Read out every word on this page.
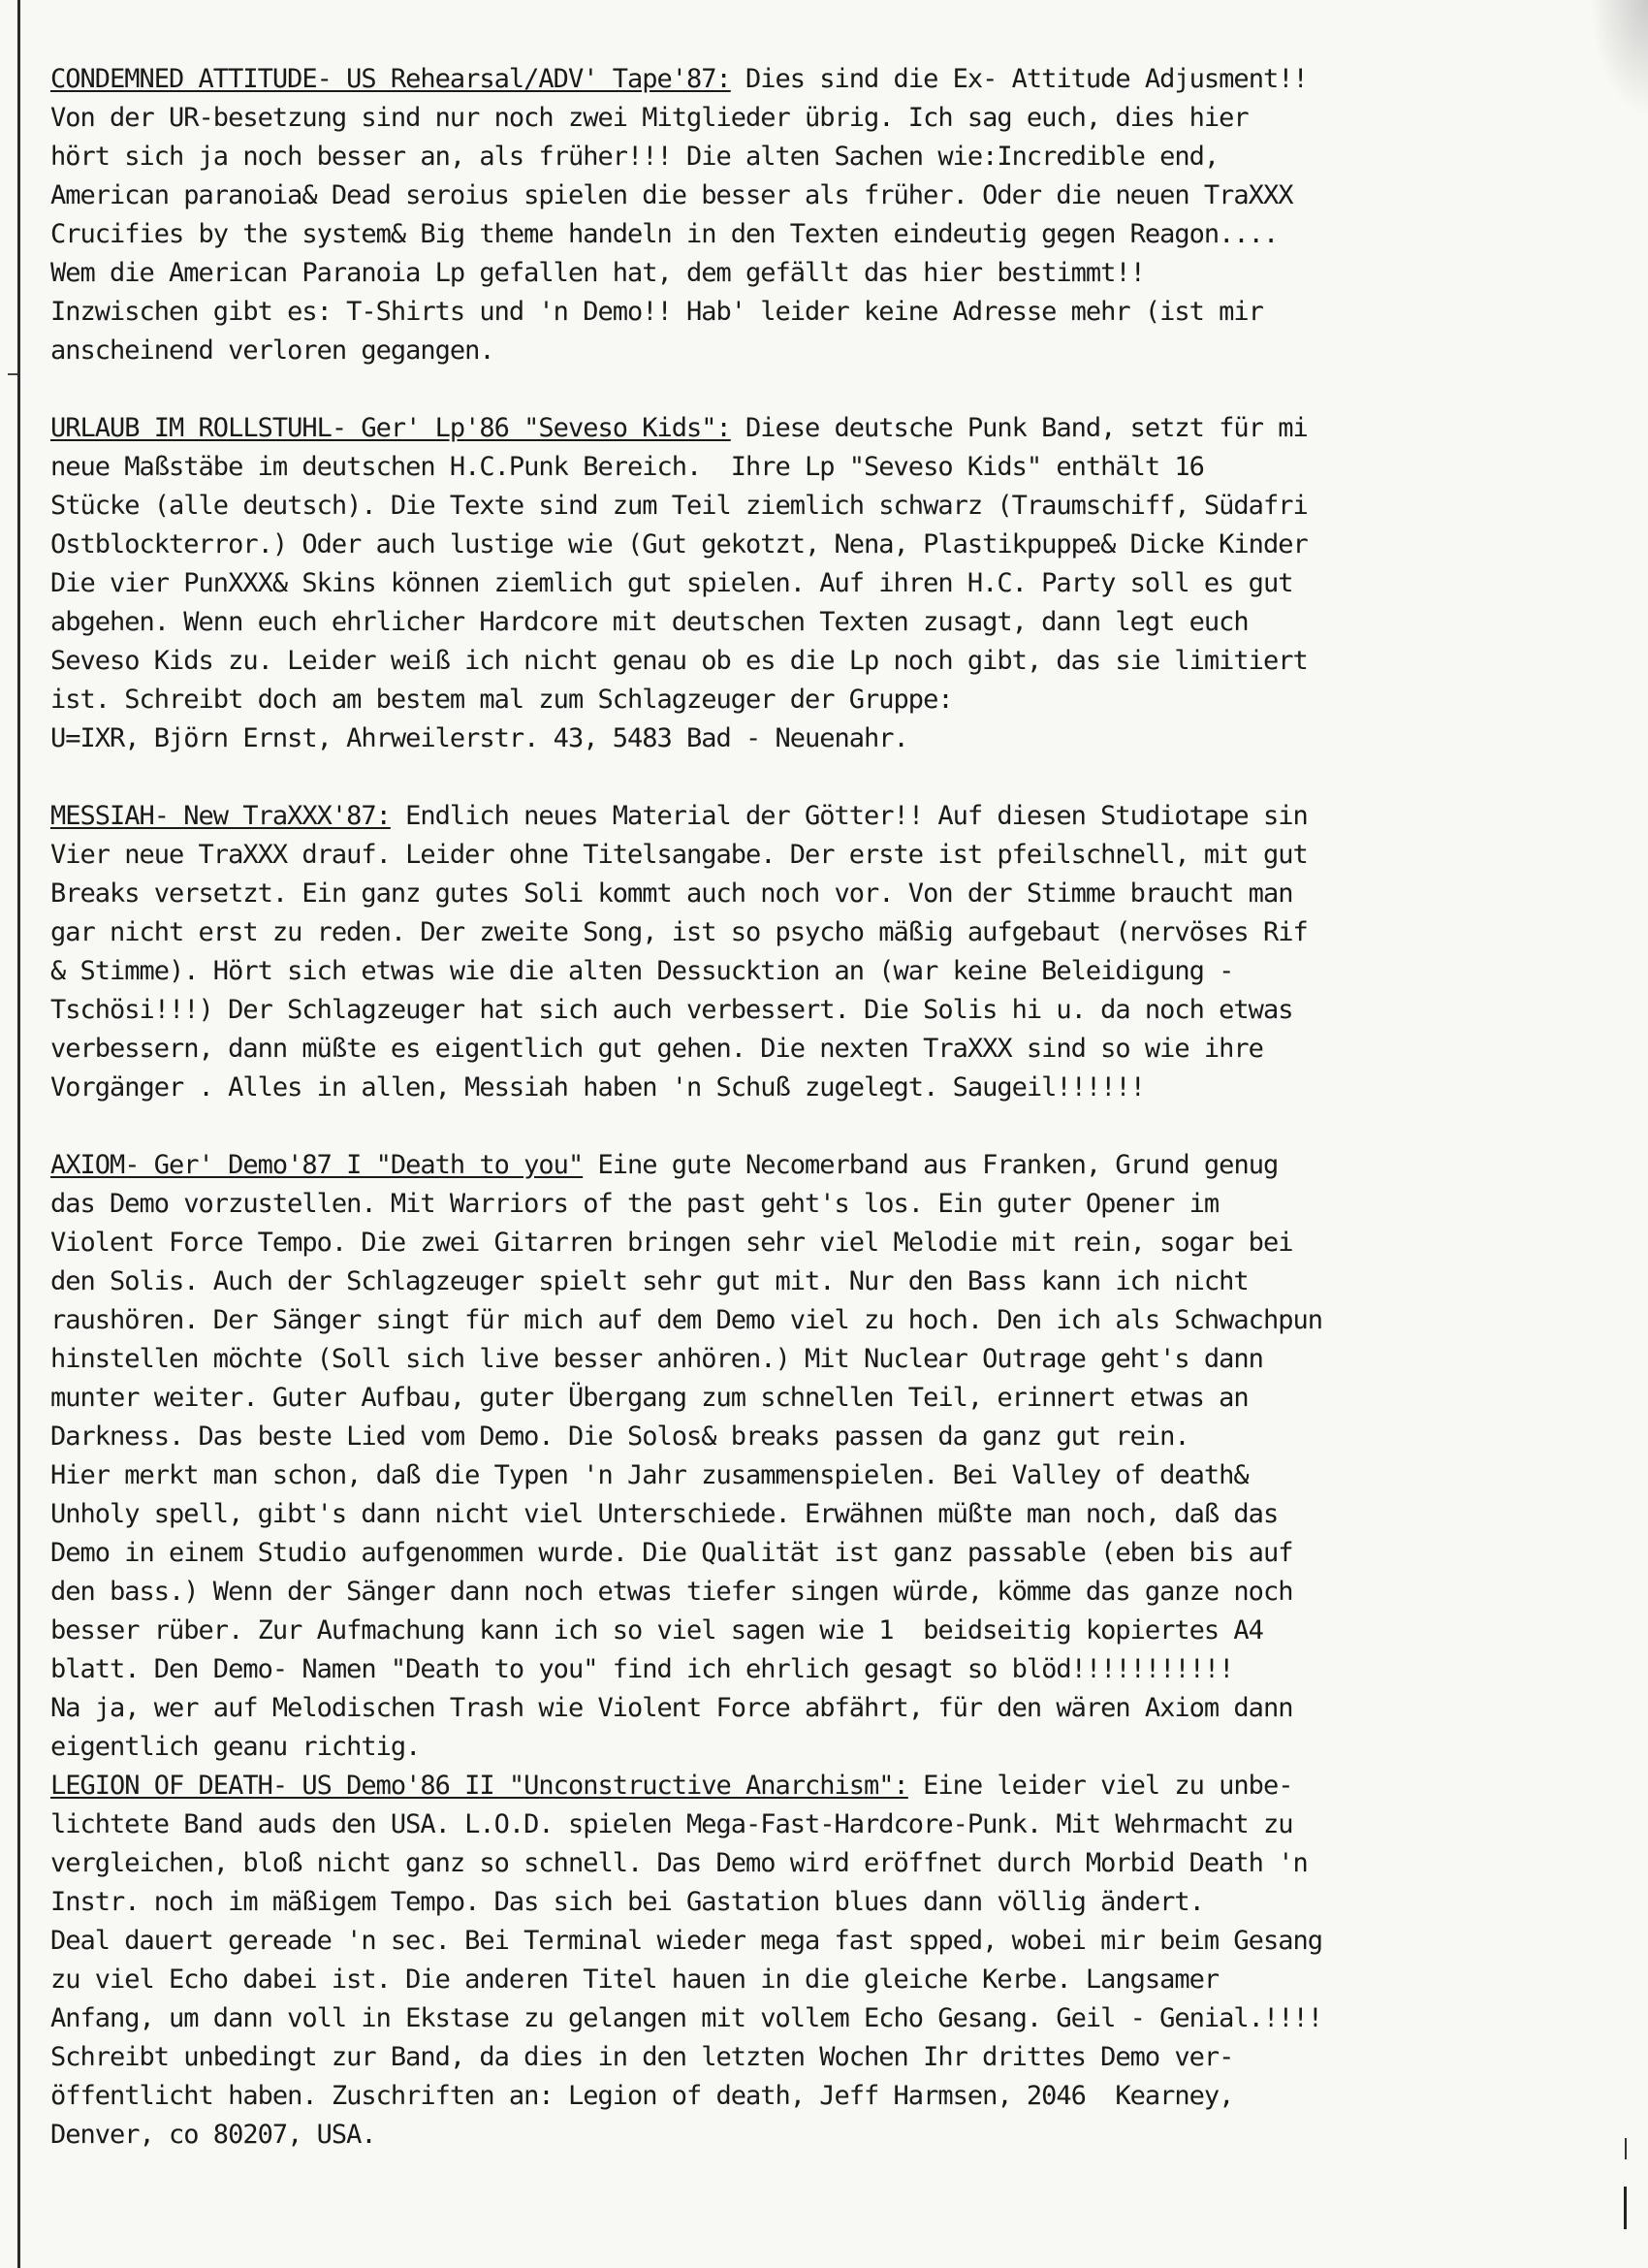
CONDEMNED ATTITUDE- US Rehearsal/ADV' Tape'87: Dies sind die Ex- Attitude Adjusment!!
Von der UR-besetzung sind nur noch zwei Mitglieder übrig. Ich sag euch, dies hier
hört sich ja noch besser an, als früher!!! Die alten Sachen wie:Incredible end,
American paranoia& Dead seroius spielen die besser als früher. Oder die neuen TraXXX
Crucifies by the system& Big theme handeln in den Texten eindeutig gegen Reagon....
Wem die American Paranoia Lp gefallen hat, dem gefällt das hier bestimmt!!
Inzwischen gibt es: T-Shirts und 'n Demo!! Hab' leider keine Adresse mehr (ist mir
anscheinend verloren gegangen.
URLAUB IM ROLLSTUHL- Ger' Lp'86 "Seveso Kids": Diese deutsche Punk Band, setzt für mi
neue Maßstäbe im deutschen H.C.Punk Bereich.  Ihre Lp "Seveso Kids" enthält 16
Stücke (alle deutsch). Die Texte sind zum Teil ziemlich schwarz (Traumschiff, Südafri
Ostblockterror.) Oder auch lustige wie (Gut gekotzt, Nena, Plastikpuppe& Dicke Kinder
Die vier PunXXX& Skins können ziemlich gut spielen. Auf ihren H.C. Party soll es gut
abgehen. Wenn euch ehrlicher Hardcore mit deutschen Texten zusagt, dann legt euch
Seveso Kids zu. Leider weiß ich nicht genau ob es die Lp noch gibt, das sie limitiert
ist. Schreibt doch am bestem mal zum Schlagzeuger der Gruppe:
U=IXR, Björn Ernst, Ahrweilerstr. 43, 5483 Bad - Neuenahr.
MESSIAH- New TraXXX'87: Endlich neues Material der Götter!! Auf diesen Studiotape sin
Vier neue TraXXX drauf. Leider ohne Titelsangabe. Der erste ist pfeilschnell, mit gut
Breaks versetzt. Ein ganz gutes Soli kommt auch noch vor. Von der Stimme braucht man
gar nicht erst zu reden. Der zweite Song, ist so psycho mäßig aufgebaut (nervöses Rif
& Stimme). Hört sich etwas wie die alten Dessucktion an (war keine Beleidigung -
Tschösi!!!) Der Schlagzeuger hat sich auch verbessert. Die Solis hi u. da noch etwas
verbessern, dann müßte es eigentlich gut gehen. Die nexten TraXXX sind so wie ihre
Vorgänger . Alles in allen, Messiah haben 'n Schuß zugelegt. Saugeil!!!!!!
AXIOM- Ger' Demo'87 I "Death to you" Eine gute Necomerband aus Franken, Grund genug
das Demo vorzustellen. Mit Warriors of the past geht's los. Ein guter Opener im
Violent Force Tempo. Die zwei Gitarren bringen sehr viel Melodie mit rein, sogar bei
den Solis. Auch der Schlagzeuger spielt sehr gut mit. Nur den Bass kann ich nicht
raushören. Der Sänger singt für mich auf dem Demo viel zu hoch. Den ich als Schwachpun
hinstellen möchte (Soll sich live besser anhören.) Mit Nuclear Outrage geht's dann
munter weiter. Guter Aufbau, guter Übergang zum schnellen Teil, erinnert etwas an
Darkness. Das beste Lied vom Demo. Die Solos& breaks passen da ganz gut rein.
Hier merkt man schon, daß die Typen 'n Jahr zusammenspielen. Bei Valley of death&
Unholy spell, gibt's dann nicht viel Unterschiede. Erwähnen müßte man noch, daß das
Demo in einem Studio aufgenommen wurde. Die Qualität ist ganz passable (eben bis auf
den bass.) Wenn der Sänger dann noch etwas tiefer singen würde, kömme das ganze noch
besser rüber. Zur Aufmachung kann ich so viel sagen wie 1  beidseitig kopiertes A4
blatt. Den Demo- Namen "Death to you" find ich ehrlich gesagt so blöd!!!!!!!!!!!
Na ja, wer auf Melodischen Trash wie Violent Force abfährt, für den wären Axiom dann
eigentlich geanu richtig.
LEGION OF DEATH- US Demo'86 II "Unconstructive Anarchism": Eine leider viel zu unbe-
lichtete Band auds den USA. L.O.D. spielen Mega-Fast-Hardcore-Punk. Mit Wehrmacht zu
vergleichen, bloß nicht ganz so schnell. Das Demo wird eröffnet durch Morbid Death 'n
Instr. noch im mäßigem Tempo. Das sich bei Gastation blues dann völlig ändert.
Deal dauert gereade 'n sec. Bei Terminal wieder mega fast spped, wobei mir beim Gesang
zu viel Echo dabei ist. Die anderen Titel hauen in die gleiche Kerbe. Langsamer
Anfang, um dann voll in Ekstase zu gelangen mit vollem Echo Gesang. Geil - Genial.!!!!
Schreibt unbedingt zur Band, da dies in den letzten Wochen Ihr drittes Demo ver-
öffentlicht haben. Zuschriften an: Legion of death, Jeff Harmsen, 2046  Kearney,
Denver, co 80207, USA.
